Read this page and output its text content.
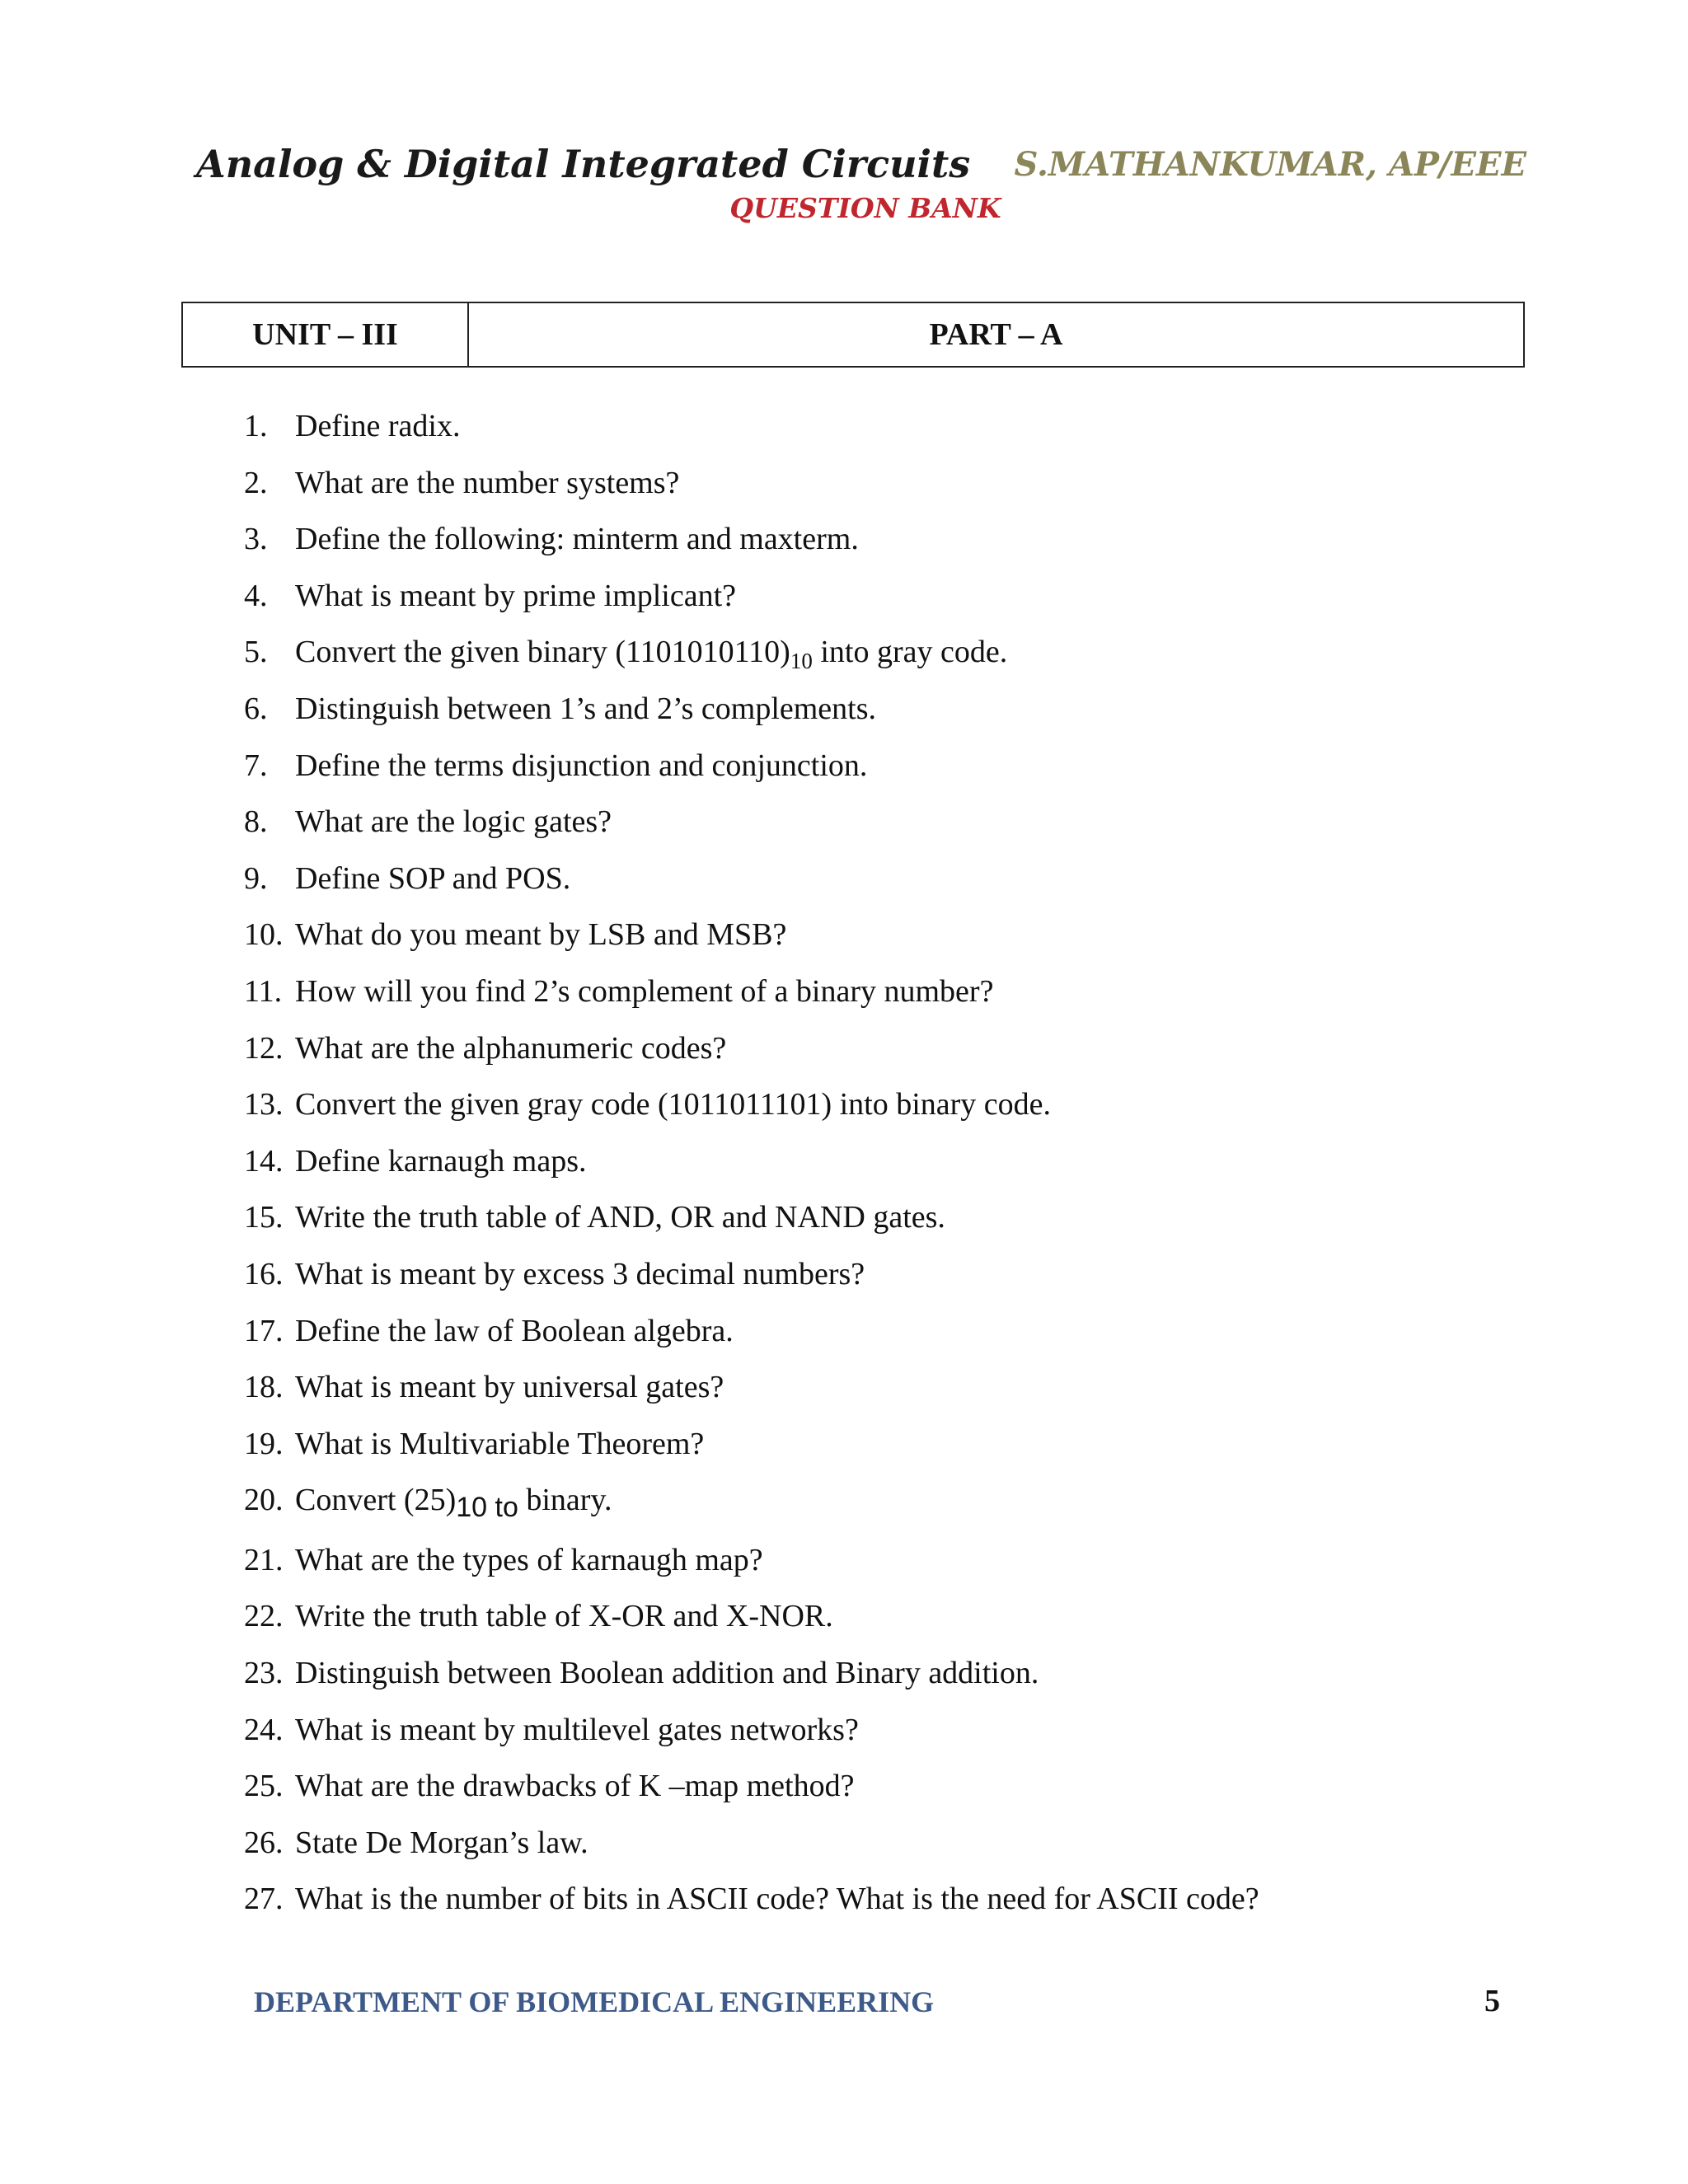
Analog & Digital Integrated Circuits S.MATHANKUMAR, AP/EEE
QUESTION BANK
UNIT – III	PART – A
1. Define radix.
2. What are the number systems?
3. Define the following: minterm and maxterm.
4. What is meant by prime implicant?
5. Convert the given binary $(1101010110)_{10}$ into gray code.
6. Distinguish between 1’s and 2’s complements.
7. Define the terms disjunction and conjunction.
8. What are the logic gates?
9. Define SOP and POS.
10. What do you meant by LSB and MSB?
11. How will you find 2’s complement of a binary number?
12. What are the alphanumeric codes?
13. Convert the given gray code (1011011101) into binary code.
14. Define karnaugh maps.
15. Write the truth table of AND, OR and NAND gates.
16. What is meant by excess 3 decimal numbers?
17. Define the law of Boolean algebra.
18. What is meant by universal gates?
19. What is Multivariable Theorem?
20. Convert (25)10 to binary.
21. What are the types of karnaugh map?
22. Write the truth table of X-OR and X-NOR.
23. Distinguish between Boolean addition and Binary addition.
24. What is meant by multilevel gates networks?
25. What are the drawbacks of K –map method?
26. State De Morgan’s law.
27. What is the number of bits in ASCII code? What is the need for ASCII code?
DEPARTMENT OF BIOMEDICAL ENGINEERING	5
